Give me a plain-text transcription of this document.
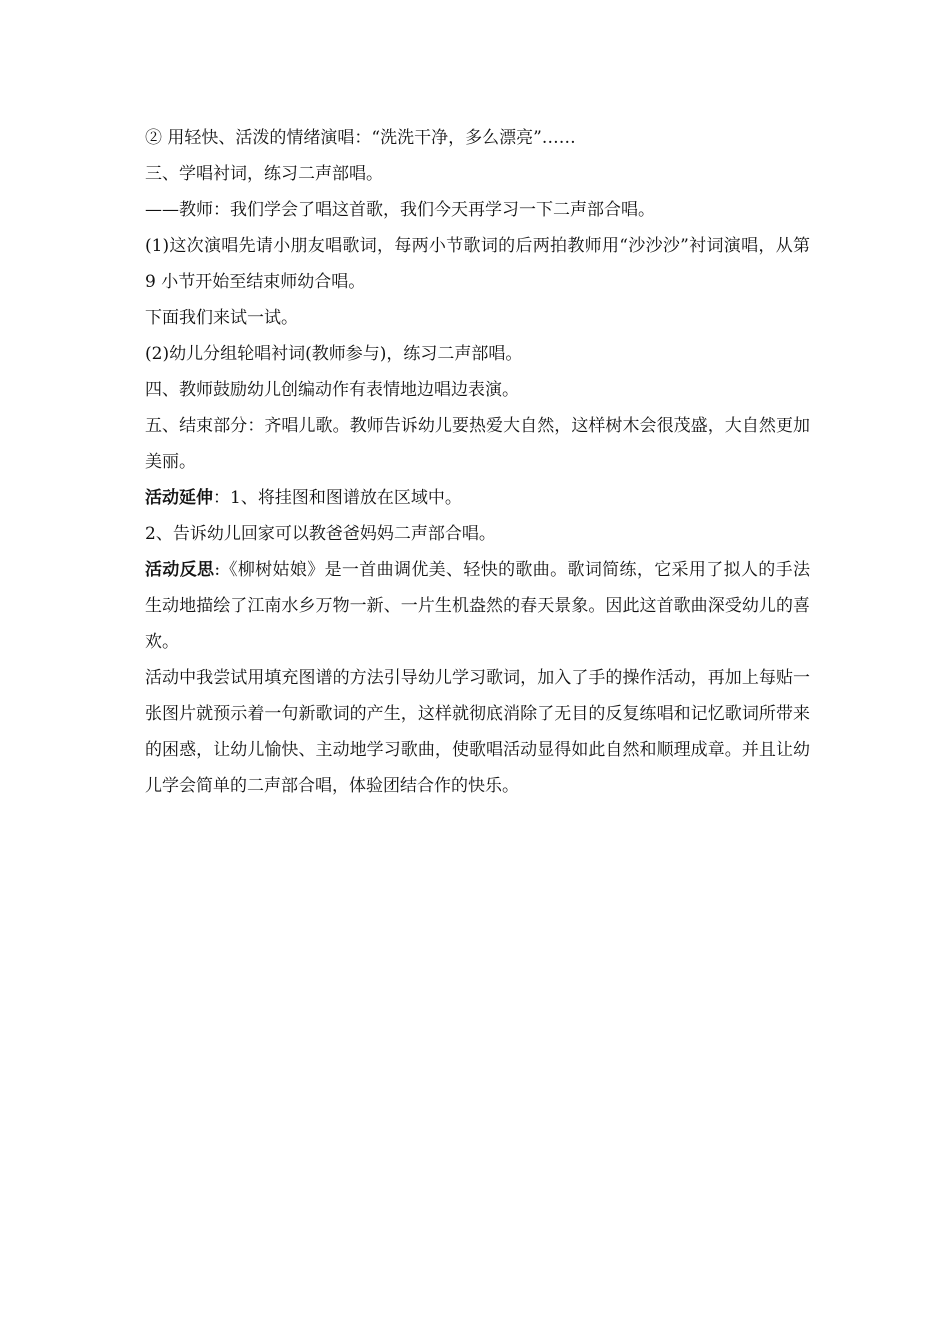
② 用轻快、活泼的情绪演唱：“洗洗干净，多么漂亮”……

三、学唱衬词，练习二声部唱。

——教师：我们学会了唱这首歌，我们今天再学习一下二声部合唱。

(1)这次演唱先请小朋友唱歌词，每两小节歌词的后两拍教师用“沙沙沙”衬词演唱，从第 9 小节开始至结束师幼合唱。

下面我们来试一试。

(2)幼儿分组轮唱衬词(教师参与)，练习二声部唱。

四、教师鼓励幼儿创编动作有表情地边唱边表演。

五、结束部分：齐唱儿歌。教师告诉幼儿要热爱大自然，这样树木会很茂盛，大自然更加美丽。

活动延伸：1、将挂图和图谱放在区域中。

2、告诉幼儿回家可以教爸爸妈妈二声部合唱。

活动反思:《柳树姑娘》是一首曲调优美、轻快的歌曲。歌词简练，它采用了拟人的手法生动地描绘了江南水乡万物一新、一片生机盎然的春天景象。因此这首歌曲深受幼儿的喜欢。

活动中我尝试用填充图谱的方法引导幼儿学习歌词，加入了手的操作活动，再加上每贴一张图片就预示着一句新歌词的产生，这样就彻底消除了无目的反复练唱和记忆歌词所带来的困惑，让幼儿愉快、主动地学习歌曲，使歌唱活动显得如此自然和顺理成章。并且让幼儿学会简单的二声部合唱，体验团结合作的快乐。
